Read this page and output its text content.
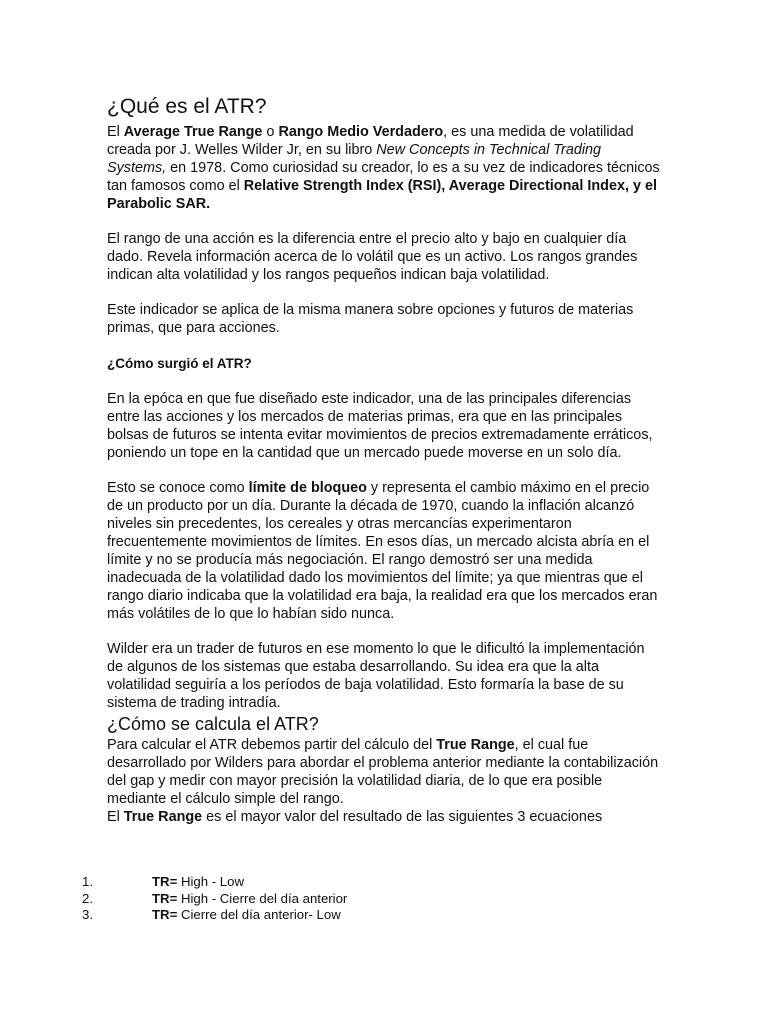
¿Qué es el ATR?

El Average True Range o Rango Medio Verdadero, es una medida de volatilidad creada por J. Welles Wilder Jr, en su libro New Concepts in Technical Trading Systems, en 1978. Como curiosidad su creador, lo es a su vez de indicadores técnicos tan famosos como el Relative Strength Index (RSI), Average Directional Index, y el Parabolic SAR.

El rango de una acción es la diferencia entre el precio alto y bajo en cualquier día dado. Revela información acerca de lo volátil que es un activo. Los rangos grandes indican alta volatilidad y los rangos pequeños indican baja volatilidad.

Este indicador se aplica de la misma manera sobre opciones y futuros de materias primas, que para acciones.

¿Cómo surgió el ATR?

En la epóca en que fue diseñado este indicador, una de las principales diferencias entre las acciones y los mercados de materias primas, era que en las principales bolsas de futuros se intenta evitar movimientos de precios extremadamente erráticos, poniendo un tope en la cantidad que un mercado puede moverse en un solo día.

Esto se conoce como límite de bloqueo y representa el cambio máximo en el precio de un producto por un día. Durante la década de 1970, cuando la inflación alcanzó niveles sin precedentes, los cereales y otras mercancías experimentaron frecuentemente movimientos de límites. En esos días, un mercado alcista abría en el límite y no se producía más negociación. El rango demostró ser una medida inadecuada de la volatilidad dado los movimientos del límite; ya que mientras que el rango diario indicaba que la volatilidad era baja, la realidad era que los mercados eran más volátiles de lo que lo habían sido nunca.

Wilder era un trader de futuros en ese momento lo que le dificultó la implementación de algunos de los sistemas que estaba desarrollando. Su idea era que la alta volatilidad seguiría a los períodos de baja volatilidad. Esto formaría la base de su sistema de trading intradía.

¿Cómo se calcula el ATR?

Para calcular el ATR debemos partir del cálculo del True Range, el cual fue desarrollado por Wilders para abordar el problema anterior mediante la contabilización del gap y medir con mayor precisión la volatilidad diaria, de lo que era posible mediante el cálculo simple del rango.

El True Range es el mayor valor del resultado de las siguientes 3 ecuaciones

1.	TR= High - Low
2.	TR= High - Cierre del día anterior
3.	TR= Cierre del día anterior- Low
